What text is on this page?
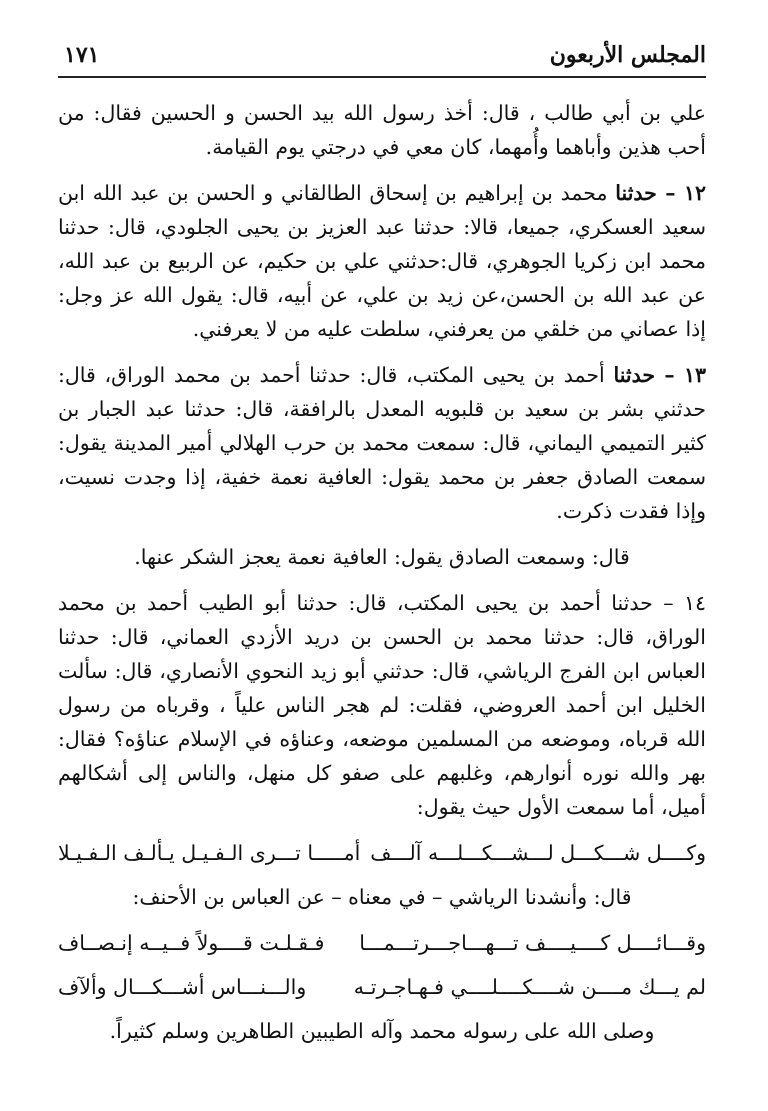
المجلس الأربعون
١٧١

علي بن أبي طالب ، قال: أخذ رسول الله بيد الحسن و الحسين فقال: من أحب هذين وأباهما وأُمهما، كان معي في درجتي يوم القيامة.

١٢ – حدثنا محمد بن إبراهيم بن إسحاق الطالقاني و الحسن بن عبد الله ابن سعيد العسكري، جميعا، قالا: حدثنا عبد العزيز بن يحيى الجلودي، قال: حدثنا محمد ابن زكريا الجوهري، قال:حدثني علي بن حكيم، عن الربيع بن عبد الله، عن عبد الله بن الحسن،عن زيد بن علي، عن أبيه، قال: يقول الله عز وجل: إذا عصاني من خلقي من يعرفني، سلطت عليه من لا يعرفني.

١٣ – حدثنا أحمد بن يحيى المكتب، قال: حدثنا أحمد بن محمد الوراق، قال: حدثني بشر بن سعيد بن قلبويه المعدل بالرافقة، قال: حدثنا عبد الجبار بن كثير التميمي اليماني، قال: سمعت محمد بن حرب الهلالي أمير المدينة يقول: سمعت الصادق جعفر بن محمد يقول: العافية نعمة خفية، إذا وجدت نسيت، وإذا فقدت ذكرت.

قال: وسمعت الصادق يقول: العافية نعمة يعجز الشكر عنها.

١٤ – حدثنا أحمد بن يحيى المكتب، قال: حدثنا أبو الطيب أحمد بن محمد الوراق، قال: حدثنا محمد بن الحسن بن دريد الأزدي العماني، قال: حدثنا العباس ابن الفرج الرياشي، قال: حدثني أبو زيد النحوي الأنصاري، قال: سألت الخليل ابن أحمد العروضي، فقلت: لم هجر الناس علياً ، وقرباه من رسول الله قرباه، وموضعه من المسلمين موضعه، وعناؤه في الإسلام عناؤه؟ فقال: بهر والله نوره أنوارهم، وغلبهم على صفو كل منهل، والناس إلى أشكالهم أميل، أما سمعت الأول حيث يقول:

وكــــل شـــكـــل لـــشـــكـــلـــه آلـــف
أمـــــا تـــرى الـفـيـل يـألـف الـفـيـلا

قال: وأنشدنا الرياشي – في معناه – عن العباس بن الأحنف:

وقـــائــــل كــــيــــف تـــهـــاجـــرتـــمـــا
فـقـلـت قــــولاً فــيــه إنـصــاف
لم يـــك مــــن شــــكــــلــــي فـهـاجـرتـه
والـــنـــاس أشـــكـــال وألآف

وصلى الله على رسوله محمد وآله الطيبين الطاهرين وسلم كثيراً.
